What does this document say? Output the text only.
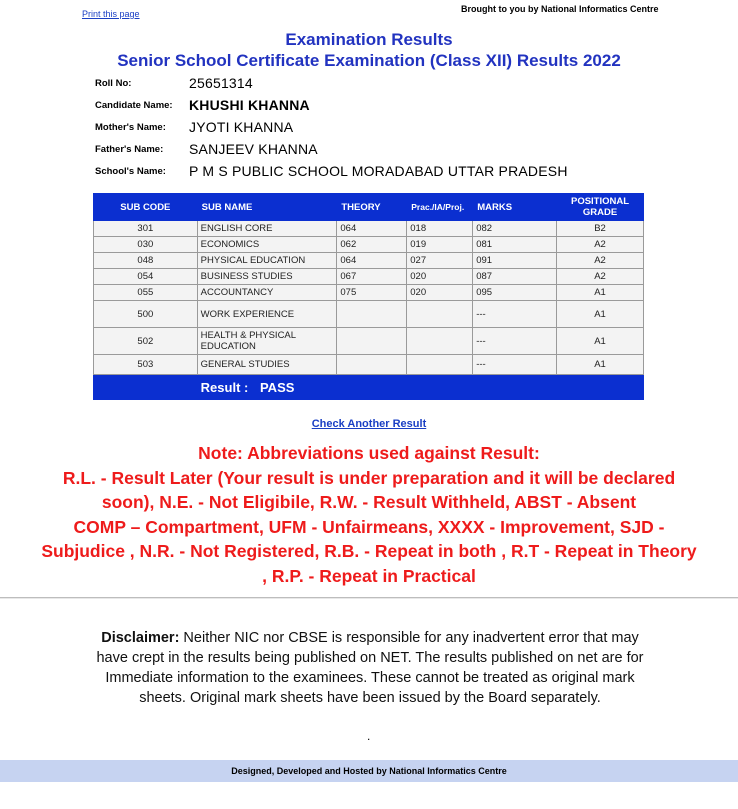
Print this page	Brought to you by National Informatics Centre
Examination Results
Senior School Certificate Examination (Class XII) Results 2022
Roll No:	25651314
Candidate Name:	KHUSHI KHANNA
Mother's Name:	JYOTI KHANNA
Father's Name:	SANJEEV KHANNA
School's Name:	P M S PUBLIC SCHOOL MORADABAD UTTAR PRADESH
SUB CODE	SUB NAME	THEORY	Prac./IA/Proj.	MARKS	POSITIONAL GRADE
301	ENGLISH CORE	064	018	082	B2
030	ECONOMICS	062	019	081	A2
048	PHYSICAL EDUCATION	064	027	091	A2
054	BUSINESS STUDIES	067	020	087	A2
055	ACCOUNTANCY	075	020	095	A1
500	WORK EXPERIENCE			---	A1
502	HEALTH & PHYSICAL EDUCATION			---	A1
503	GENERAL STUDIES			---	A1
	Result : PASS				
Check Another Result
Note: Abbreviations used against Result:
R.L. - Result Later (Your result is under preparation and it will be declared
soon), N.E. - Not Eligibile, R.W. - Result Withheld, ABST - Absent
COMP – Compartment, UFM - Unfairmeans, XXXX - Improvement, SJD -
Subjudice , N.R. - Not Registered, R.B. - Repeat in both , R.T - Repeat in Theory
, R.P. - Repeat in Practical
Disclaimer: Neither NIC nor CBSE is responsible for any inadvertent error that may have crept in the results being published on NET. The results published on net are for Immediate information to the examinees. These cannot be treated as original mark sheets. Original mark sheets have been issued by the Board separately.
.
Designed, Developed and Hosted by National Informatics Centre
